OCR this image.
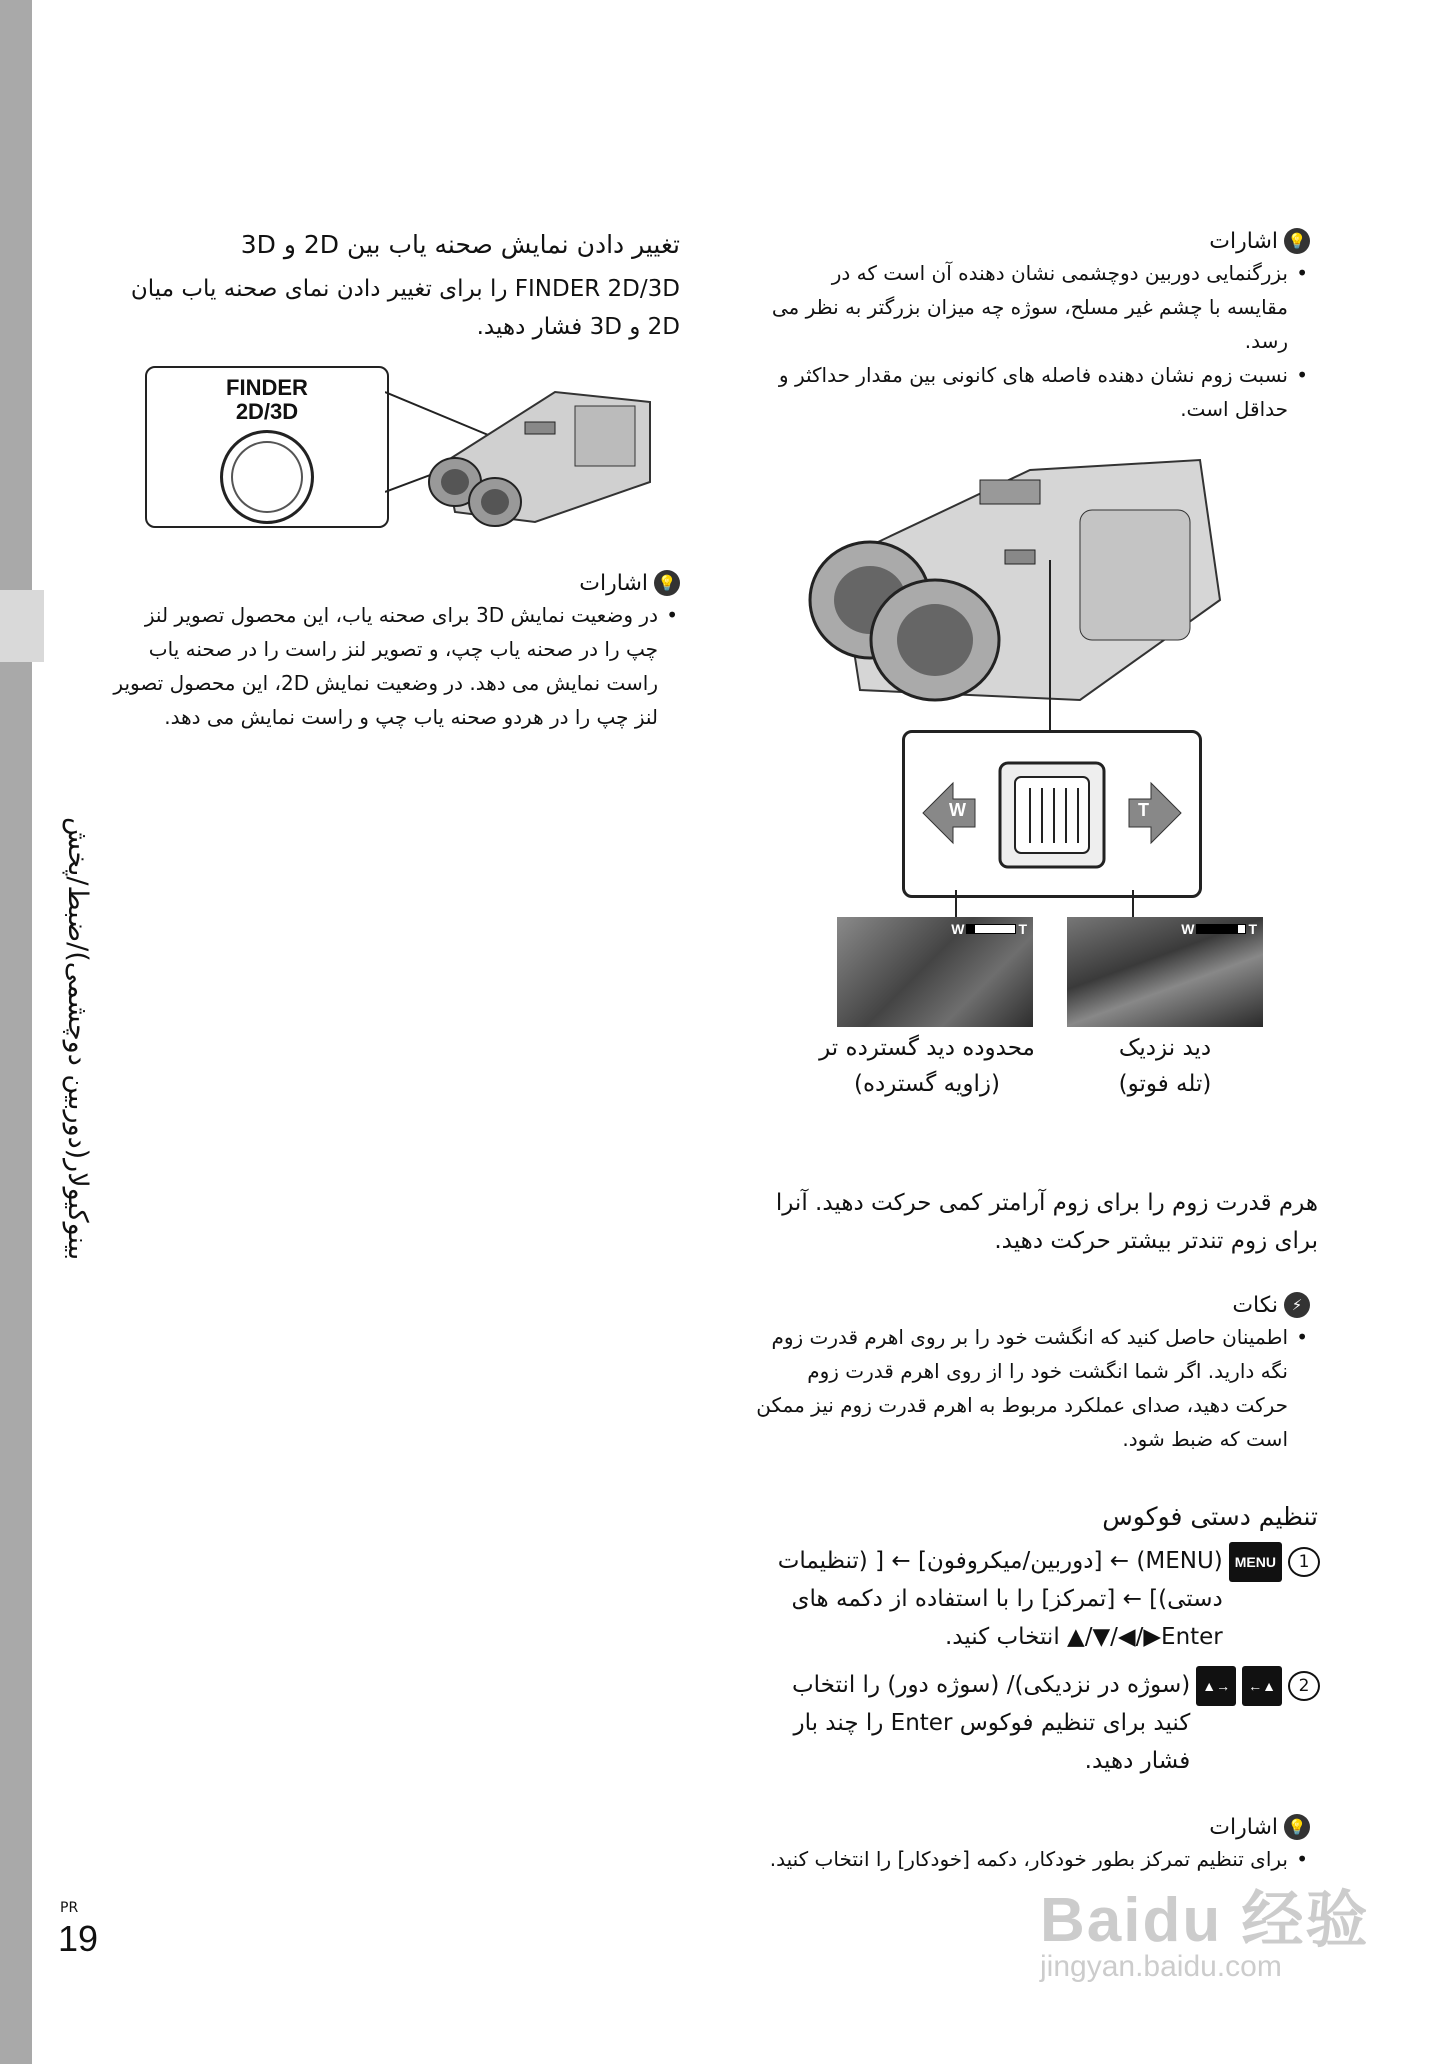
بینوکیولار(دوربین دوچشمی)/ضبط/پخش
PR
19
تغییر دادن نمایش صحنه یاب بین 2D و 3D
FINDER 2D/3D را برای تغییر دادن نمای صحنه یاب میان 2D و 3D فشار دهید.
FINDER
2D/3D
💡
اشارات
• در وضعیت نمایش 3D برای صحنه یاب، این محصول تصویر لنز چپ را در صحنه یاب چپ، و تصویر لنز راست را در صحنه یاب راست نمایش می دهد. در وضعیت نمایش 2D، این محصول تصویر لنز چپ را در هردو صحنه یاب چپ و راست نمایش می دهد.
💡
اشارات
• بزرگنمایی دوربین دوچشمی نشان دهنده آن است که در مقایسه با چشم غیر مسلح، سوژه چه میزان بزرگتر به نظر می رسد.
• نسبت زوم نشان دهنده فاصله های کانونی بین مقدار حداکثر و حداقل است.
W	T
W	T	W	T
محدوده دید گسترده تر
(زاویه گسترده)
دید نزدیک
(تله فوتو)
هرم قدرت زوم را برای زوم آرامتر کمی حرکت دهید. آنرا برای زوم تندتر بیشتر حرکت دهید.
⚡
نکات
• اطمینان حاصل کنید که انگشت خود را بر روی اهرم قدرت زوم نگه دارید. اگر شما انگشت خود را از روی اهرم قدرت زوم حرکت دهید، صدای عملکرد مربوط به اهرم قدرت زوم نیز ممکن است که ضبط شود.
تنظیم دستی فوکوس
1
MENU
(MENU) ← [دوربین/میکروفون] ← [ (تنظیمات دستی)] ← [تمرکز] را با استفاده از دکمه های Enter▶/◀/▼/▲ انتخاب کنید.
2
▲←
→▲
(سوژه در نزدیکی)/ (سوژه دور) را انتخاب کنید برای تنظیم فوکوس Enter را چند بار فشار دهید.
💡
اشارات
• برای تنظیم تمرکز بطور خودکار، دکمه [خودکار] را انتخاب کنید.
Baidu 经验
jingyan.baidu.com
